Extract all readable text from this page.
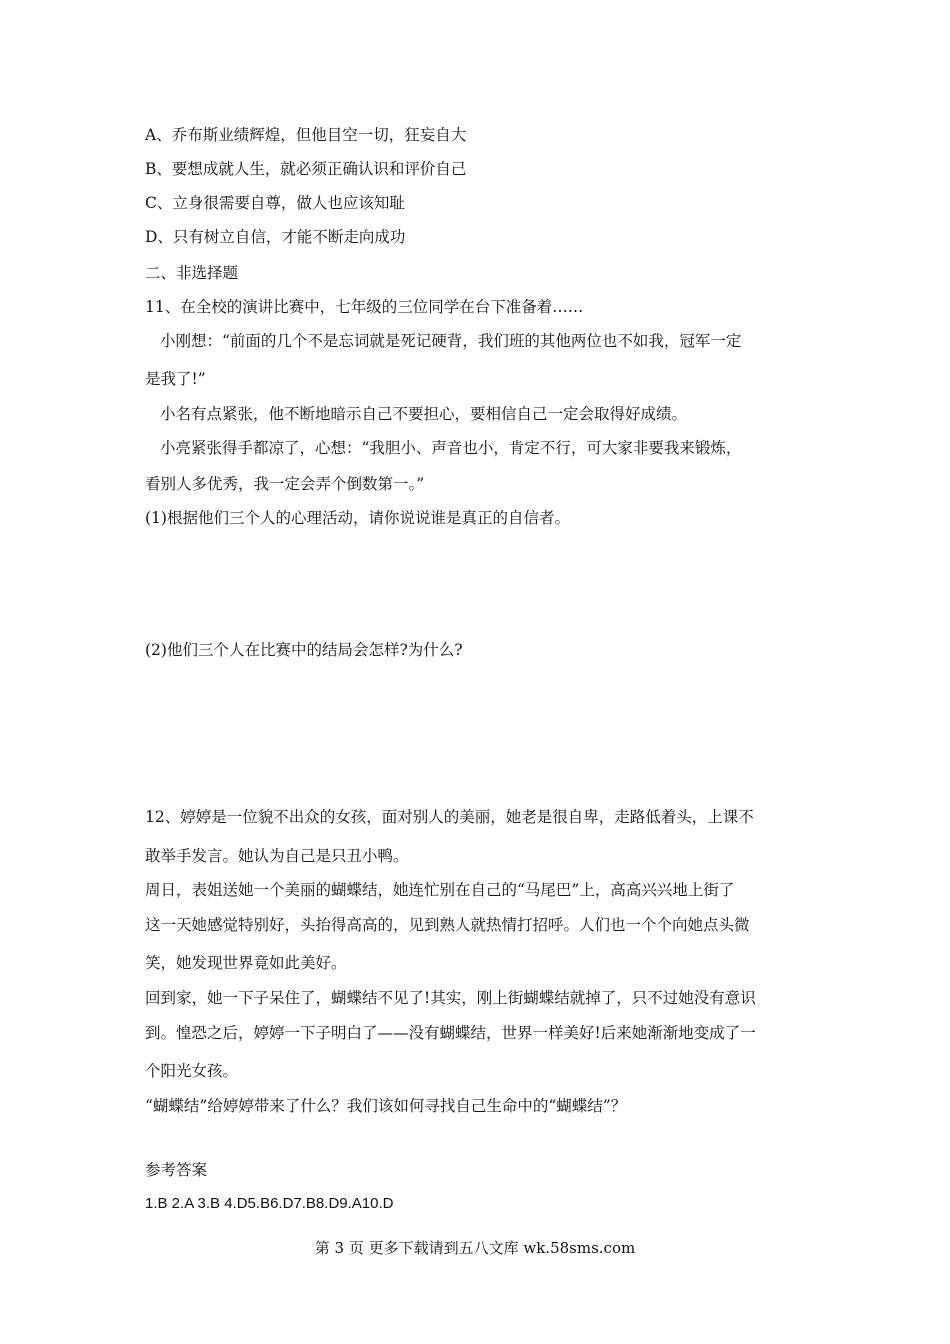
A、乔布斯业绩辉煌，但他目空一切，狂妄自大
B、要想成就人生，就必须正确认识和评价自己
C、立身很需要自尊，做人也应该知耻
D、只有树立自信，才能不断走向成功
二、非选择题
11、在全校的演讲比赛中，七年级的三位同学在台下准备着……
小刚想：“前面的几个不是忘词就是死记硬背，我们班的其他两位也不如我，冠军一定
是我了!”
小名有点紧张，他不断地暗示自己不要担心，要相信自己一定会取得好成绩。
小亮紧张得手都凉了，心想：“我胆小、声音也小，肯定不行，可大家非要我来锻炼，
看别人多优秀，我一定会弄个倒数第一。”
(1)根据他们三个人的心理活动，请你说说谁是真正的自信者。
(2)他们三个人在比赛中的结局会怎样?为什么?
12、婷婷是一位貌不出众的女孩，面对别人的美丽，她老是很自卑，走路低着头，上课不
敢举手发言。她认为自己是只丑小鸭。
周日，表姐送她一个美丽的蝴蝶结，她连忙别在自己的“马尾巴”上，高高兴兴地上街了
这一天她感觉特别好，头抬得高高的，见到熟人就热情打招呼。人们也一个个向她点头微
笑，她发现世界竟如此美好。
回到家，她一下子呆住了，蝴蝶结不见了!其实，刚上街蝴蝶结就掉了，只不过她没有意识
到。惶恐之后，婷婷一下子明白了——没有蝴蝶结，世界一样美好!后来她渐渐地变成了一
个阳光女孩。
“蝴蝶结”给婷婷带来了什么？我们该如何寻找自己生命中的“蝴蝶结”？
参考答案
1.B 2.A 3.B 4.D5.B6.D7.B8.D9.A10.D
第 3 页 更多下载请到五八文库 wk.58sms.com
